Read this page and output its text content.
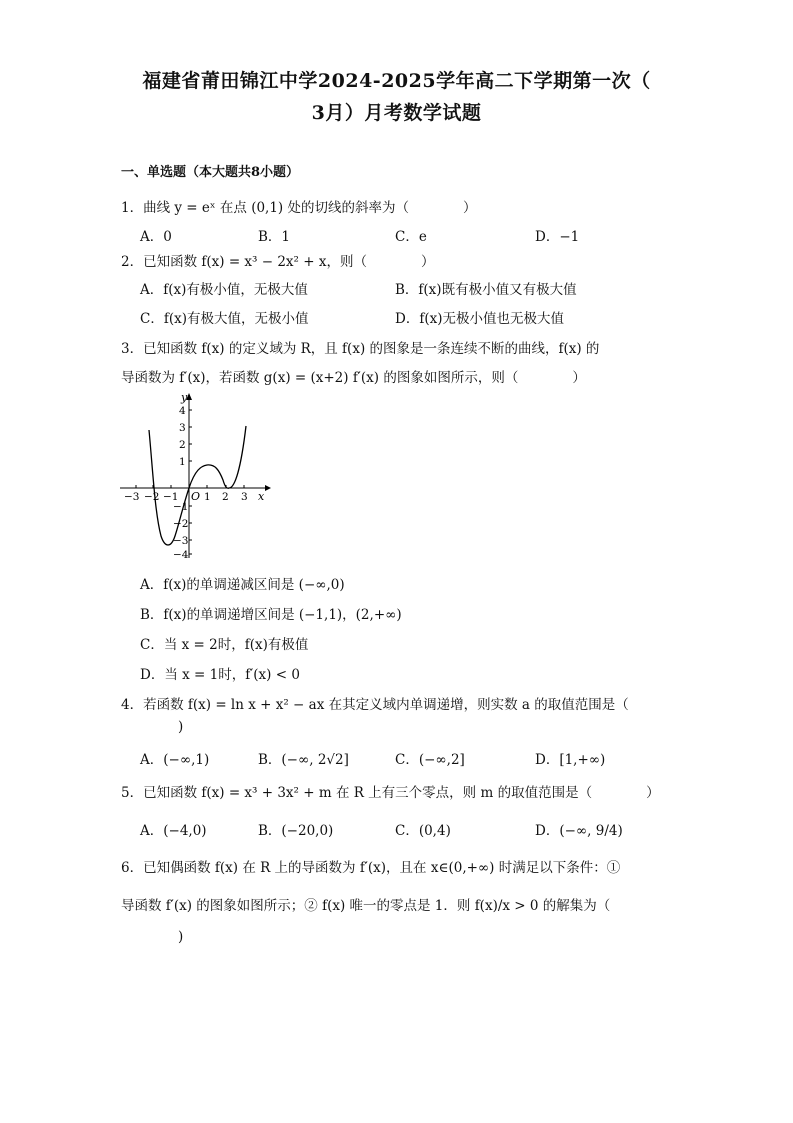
福建省莆田锦江中学2024-2025学年高二下学期第一次（
3月）月考数学试题
一、单选题（本大题共8小题）
1．曲线 y = eˣ 在点 (0,1) 处的切线的斜率为（　　　　）
A．0	B．1	C．e	D．−1
2．已知函数 f(x) = x³ − 2x² + x，则（　　　　）
A．f(x)有极小值，无极大值	B．f(x)既有极小值又有极大值
C．f(x)有极大值，无极小值	D．f(x)无极小值也无极大值
3．已知函数 f(x) 的定义域为 R，且 f(x) 的图象是一条连续不断的曲线，f(x) 的
导函数为 f′(x)，若函数 g(x) = (x+2) f′(x) 的图象如图所示，则（　　　　）
y
x
O
4
3
2
1
−1
−2
−3
−4
−3 −2 −1 1 2 3
A．f(x)的单调递减区间是 (−∞,0)
B．f(x)的单调递增区间是 (−1,1)，(2,+∞)
C．当 x = 2时，f(x)有极值
D．当 x = 1时，f′(x) < 0
4．若函数 f(x) = ln x + x² − ax 在其定义域内单调递增，则实数 a 的取值范围是（
)
A．(−∞,1)	B．(−∞, 2√2]	C．(−∞,2]	D．[1,+∞)
5．已知函数 f(x) = x³ + 3x² + m 在 R 上有三个零点，则 m 的取值范围是（　　　　）
A．(−4,0)	B．(−20,0)	C．(0,4)	D．(−∞, 9/4)
6．已知偶函数 f(x) 在 R 上的导函数为 f′(x)，且在 x∈(0,+∞) 时满足以下条件：①
导函数 f′(x) 的图象如图所示；② f(x) 唯一的零点是 1．则 f(x)/x > 0 的解集为（
)
